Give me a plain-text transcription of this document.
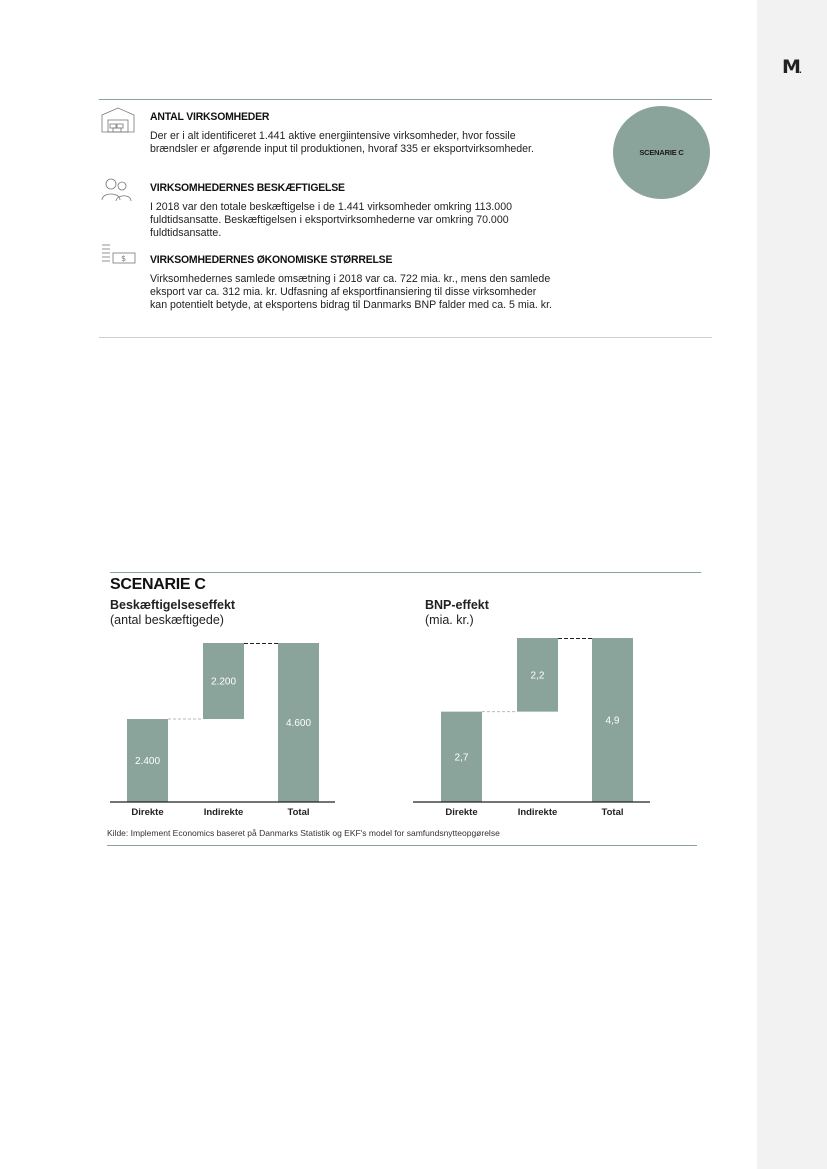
M.
ANTAL VIRKSOMHEDER
Der er i alt identificeret 1.441 aktive energiintensive virksomheder, hvor fossile
brændsler er afgørende input til produktionen, hvoraf 335 er eksportvirksomheder.
VIRKSOMHEDERNES BESKÆFTIGELSE
I 2018 var den totale beskæftigelse i de 1.441 virksomheder omkring 113.000
fuldtidsansatte. Beskæftigelsen i eksportvirksomhederne var omkring 70.000
fuldtidsansatte.
$ VIRKSOMHEDERNES ØKONOMISKE STØRRELSE
Virksomhedernes samlede omsætning i 2018 var ca. 722 mia. kr., mens den samlede
eksport var ca. 312 mia. kr. Udfasning af eksportfinansiering til disse virksomheder
kan potentielt betyde, at eksportens bidrag til Danmarks BNP falder med ca. 5 mia. kr.
SCENARIE C
SCENARIE C
Beskæftigelseseffekt
(antal beskæftigede)
2.400
Direkte
2.200
Indirekte
4.600
Total
BNP-effekt
(mia. kr.)
2,7
Direkte
2,2
Indirekte
4,9
Total
Kilde: Implement Economics baseret på Danmarks Statistik og EKF's model for samfundsnytteopgørelse
